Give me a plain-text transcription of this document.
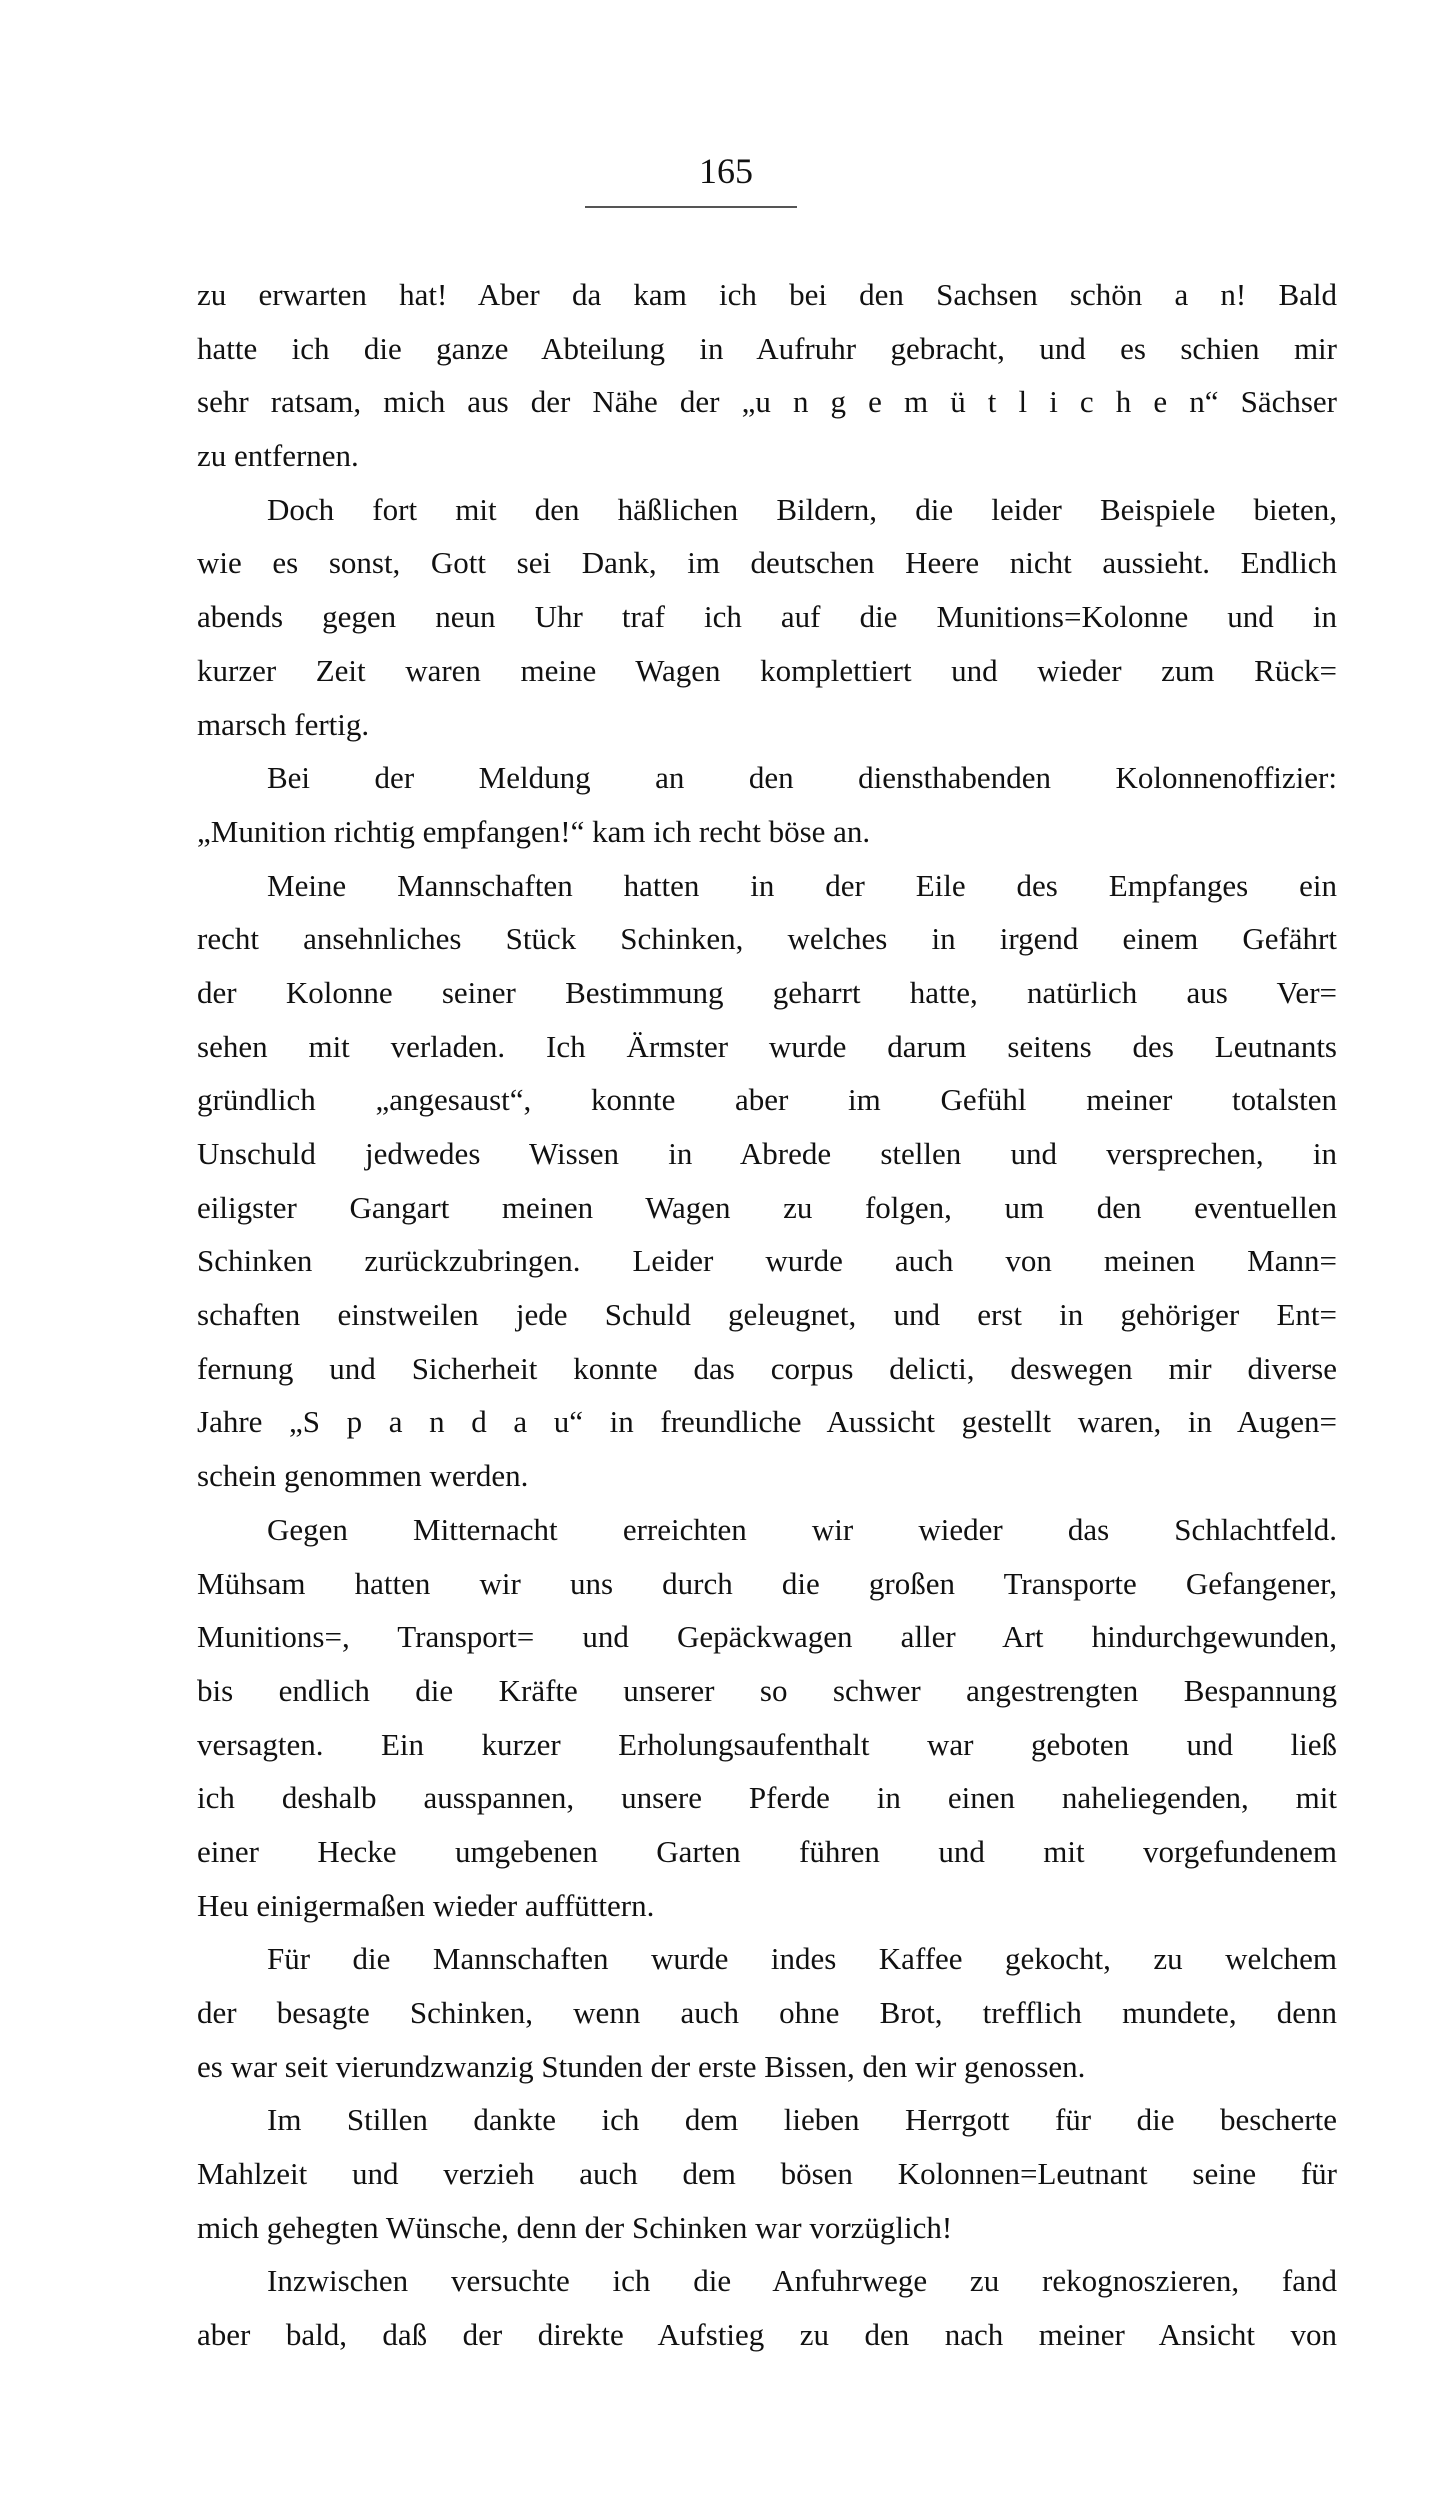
165
zu erwarten hat! Aber da kam ich bei den Sachsen schön a n! Bald
hatte ich die ganze Abteilung in Aufruhr gebracht, und es schien mir
sehr ratsam, mich aus der Nähe der „u n g e m ü t l i c h e n“ Sächser
zu entfernen.
Doch fort mit den häßlichen Bildern, die leider Beispiele bieten,
wie es sonst, Gott sei Dank, im deutschen Heere nicht aussieht. Endlich
abends gegen neun Uhr traf ich auf die Munitions=Kolonne und in
kurzer Zeit waren meine Wagen komplettiert und wieder zum Rück=
marsch fertig.
Bei der Meldung an den diensthabenden Kolonnenoffizier:
„Munition richtig empfangen!“ kam ich recht böse an.
Meine Mannschaften hatten in der Eile des Empfanges ein
recht ansehnliches Stück Schinken, welches in irgend einem Gefährt
der Kolonne seiner Bestimmung geharrt hatte, natürlich aus Ver=
sehen mit verladen. Ich Ärmster wurde darum seitens des Leutnants
gründlich „angesaust“, konnte aber im Gefühl meiner totalsten
Unschuld jedwedes Wissen in Abrede stellen und versprechen, in
eiligster Gangart meinen Wagen zu folgen, um den eventuellen
Schinken zurückzubringen. Leider wurde auch von meinen Mann=
schaften einstweilen jede Schuld geleugnet, und erst in gehöriger Ent=
fernung und Sicherheit konnte das corpus delicti, deswegen mir diverse
Jahre „S p a n d a u“ in freundliche Aussicht gestellt waren, in Augen=
schein genommen werden.
Gegen Mitternacht erreichten wir wieder das Schlachtfeld.
Mühsam hatten wir uns durch die großen Transporte Gefangener,
Munitions=, Transport= und Gepäckwagen aller Art hindurchgewunden,
bis endlich die Kräfte unserer so schwer angestrengten Bespannung
versagten. Ein kurzer Erholungsaufenthalt war geboten und ließ
ich deshalb ausspannen, unsere Pferde in einen naheliegenden, mit
einer Hecke umgebenen Garten führen und mit vorgefundenem
Heu einigermaßen wieder auffüttern.
Für die Mannschaften wurde indes Kaffee gekocht, zu welchem
der besagte Schinken, wenn auch ohne Brot, trefflich mundete, denn
es war seit vierundzwanzig Stunden der erste Bissen, den wir genossen.
Im Stillen dankte ich dem lieben Herrgott für die bescherte
Mahlzeit und verzieh auch dem bösen Kolonnen=Leutnant seine für
mich gehegten Wünsche, denn der Schinken war vorzüglich!
Inzwischen versuchte ich die Anfuhrwege zu rekognoszieren, fand
aber bald, daß der direkte Aufstieg zu den nach meiner Ansicht von
